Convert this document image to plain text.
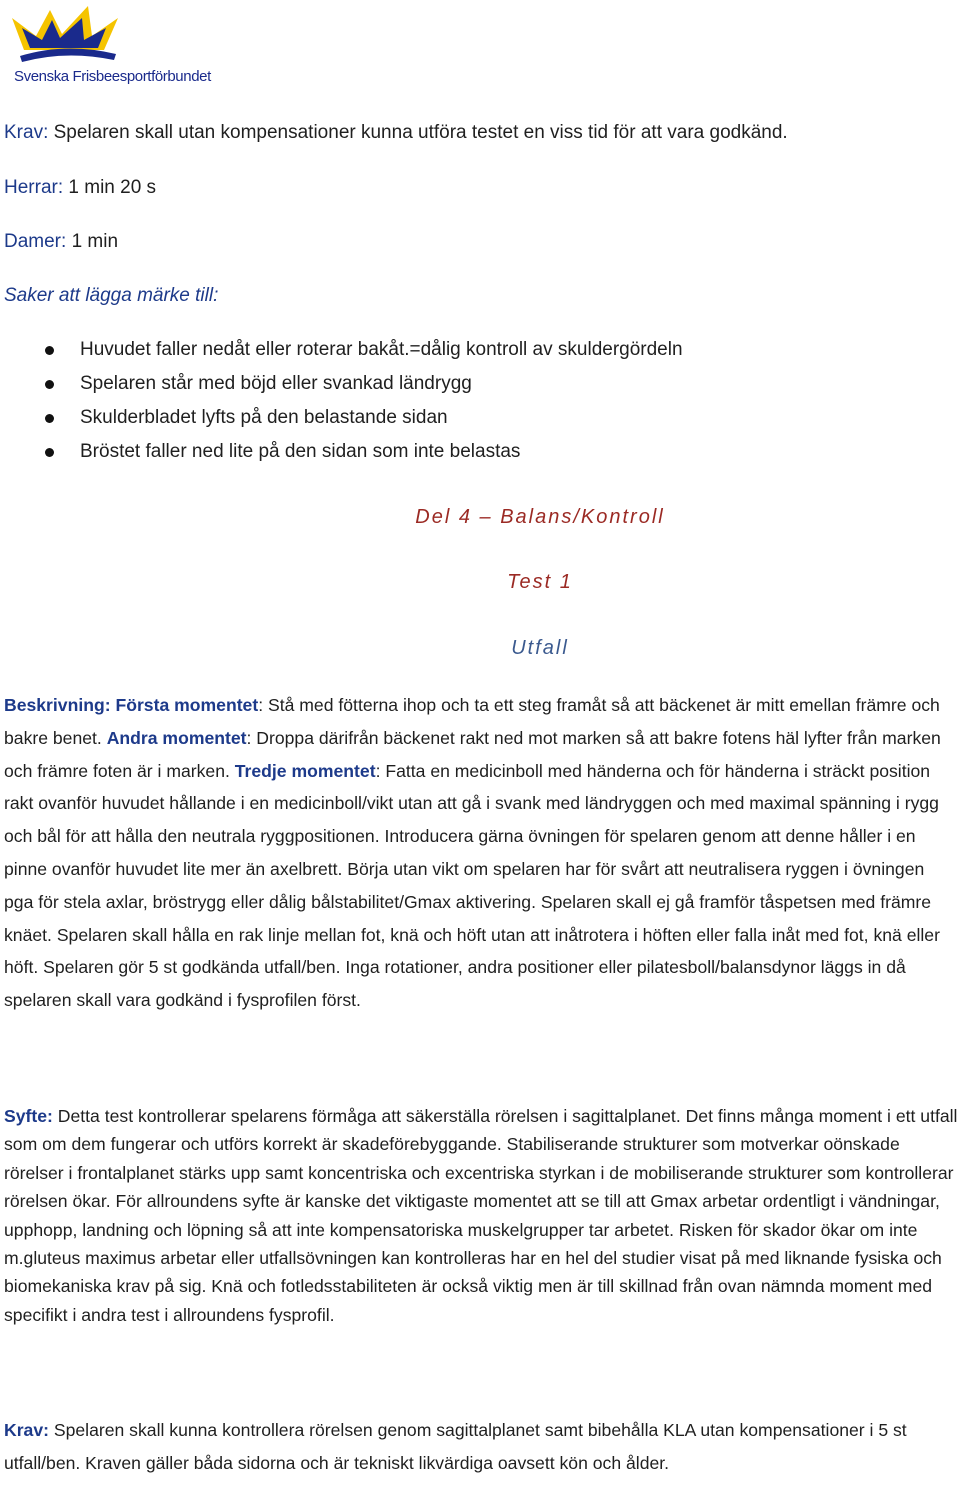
Svenska Frisbeesportförbundet
Krav: Spelaren skall utan kompensationer kunna utföra testet en viss tid för att vara godkänd.
Herrar: 1 min 20 s
Damer: 1 min
Saker att lägga märke till:
Huvudet faller nedåt eller roterar bakåt.=dålig kontroll av skuldergördeln
Spelaren står med böjd eller svankad ländrygg
Skulderbladet lyfts på den belastande sidan
Bröstet faller ned lite på den sidan som inte belastas
Del 4 – Balans/Kontroll
Test 1
Utfall

Beskrivning: Första momentet: Stå med fötterna ihop och ta ett steg framåt så att bäckenet är mitt emellan främre och bakre benet. Andra momentet: Droppa därifrån bäckenet rakt ned mot marken så att bakre fotens häl lyfter från marken och främre foten är i marken. Tredje momentet: Fatta en medicinboll med händerna och för händerna i sträckt position rakt ovanför huvudet hållande i en medicinboll/vikt utan att gå i svank med ländryggen och med maximal spänning i rygg och bål för att hålla den neutrala ryggpositionen. Introducera gärna övningen för spelaren genom att denne håller i en pinne ovanför huvudet lite mer än axelbrett. Börja utan vikt om spelaren har för svårt att neutralisera ryggen i övningen pga för stela axlar, bröstrygg eller dålig bålstabilitet/Gmax aktivering. Spelaren skall ej gå framför tåspetsen med främre knäet. Spelaren skall hålla en rak linje mellan fot, knä och höft utan att inåtrotera i höften eller falla inåt med fot, knä eller höft. Spelaren gör 5 st godkända utfall/ben. Inga rotationer, andra positioner eller pilatesboll/balansdynor läggs in då spelaren skall vara godkänd i fysprofilen först.

Syfte: Detta test kontrollerar spelarens förmåga att säkerställa rörelsen i sagittalplanet. Det finns många moment i ett utfall som om dem fungerar och utförs korrekt är skadeförebyggande. Stabiliserande strukturer som motverkar oönskade rörelser i frontalplanet stärks upp samt koncentriska och excentriska styrkan i de mobiliserande strukturer som kontrollerar rörelsen ökar. För allroundens syfte är kanske det viktigaste momentet att se till att Gmax arbetar ordentligt i vändningar, upphopp, landning och löpning så att inte kompensatoriska muskelgrupper tar arbetet. Risken för skador ökar om inte m.gluteus maximus arbetar eller utfallsövningen kan kontrolleras har en hel del studier visat på med liknande fysiska och biomekaniska krav på sig. Knä och fotledsstabiliteten är också viktig men är till skillnad från ovan nämnda moment med specifikt i andra test i allroundens fysprofil.

Krav: Spelaren skall kunna kontrollera rörelsen genom sagittalplanet samt bibehålla KLA utan kompensationer i 5 st utfall/ben. Kraven gäller båda sidorna och är tekniskt likvärdiga oavsett kön och ålder.
